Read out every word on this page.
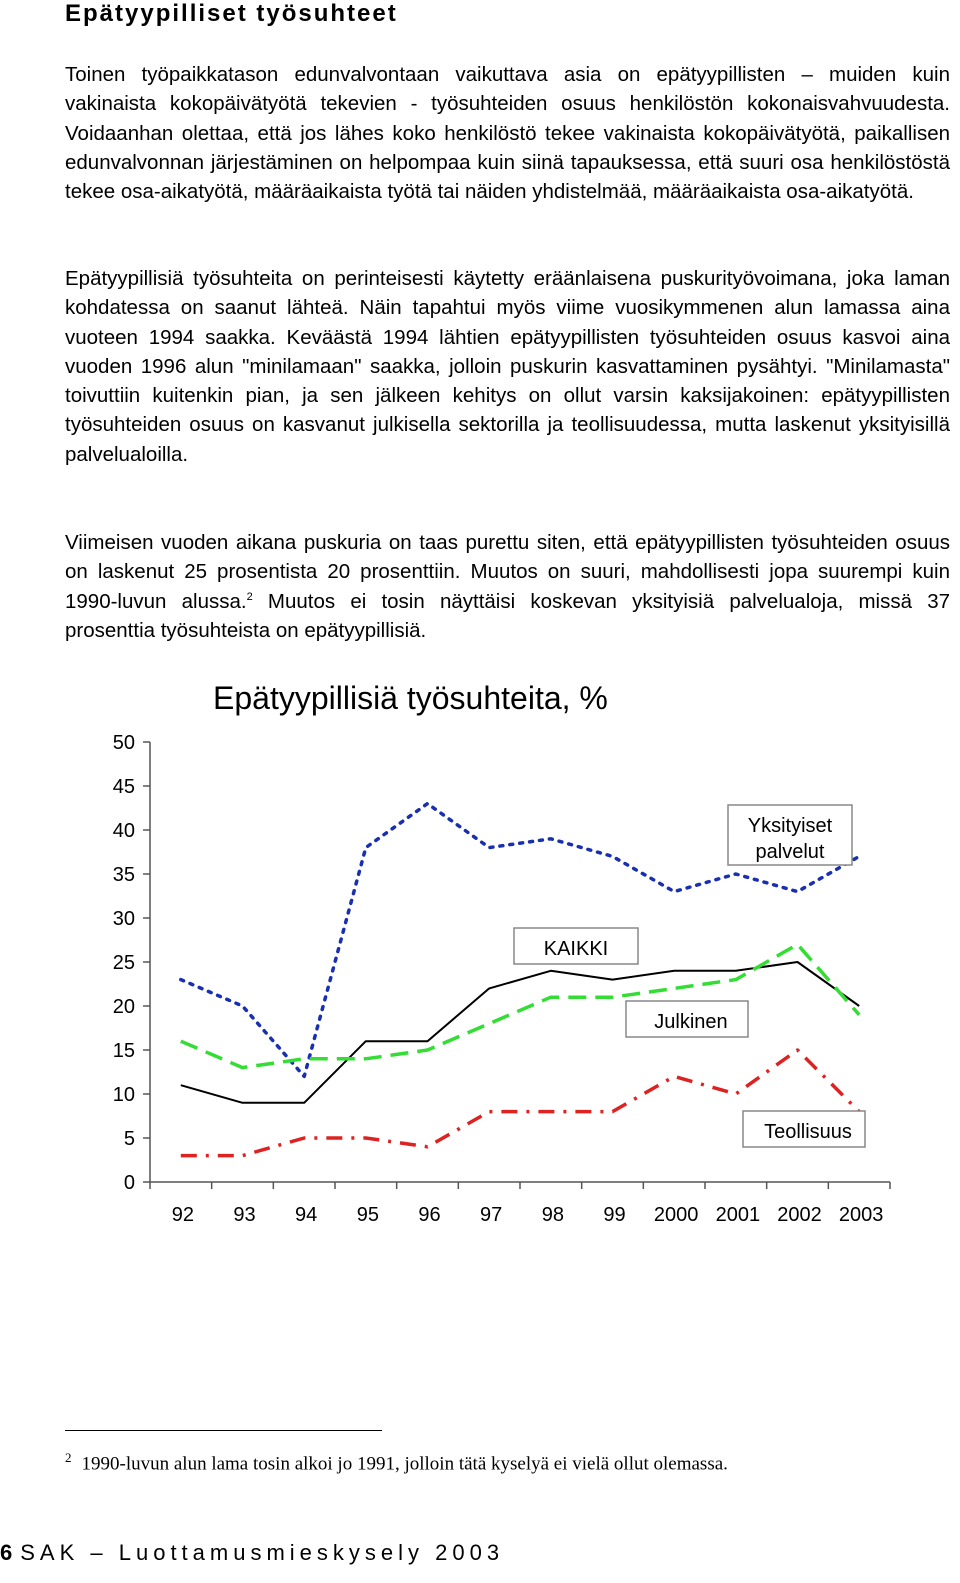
Epätyypilliset työsuhteet

Toinen työpaikkatason edunvalvontaan vaikuttava asia on epätyypillisten – muiden kuin vakinaista kokopäivätyötä tekevien - työsuhteiden osuus henkilöstön kokonaisvahvuudesta. Voidaanhan olettaa, että jos lähes koko henkilöstö tekee vakinaista kokopäivätyötä, paikallisen edunvalvonnan järjestäminen on helpompaa kuin siinä tapauksessa, että suuri osa henkilöstöstä tekee osa-aikatyötä, määräaikaista työtä tai näiden yhdistelmää, määräaikaista osa-aikatyötä.

Epätyypillisiä työsuhteita on perinteisesti käytetty eräänlaisena puskurityövoimana, joka laman kohdatessa on saanut lähteä. Näin tapahtui myös viime vuosikymmenen alun lamassa aina vuoteen 1994 saakka. Keväästä 1994 lähtien epätyypillisten työsuhteiden osuus kasvoi aina vuoden 1996 alun "minilamaan" saakka, jolloin puskurin kasvattaminen pysähtyi. "Minilamasta" toivuttiin kuitenkin pian, ja sen jälkeen kehitys on ollut varsin kaksijakoinen: epätyypillisten työsuhteiden osuus on kasvanut julkisella sektorilla ja teollisuudessa, mutta laskenut yksityisillä palvelualoilla.

Viimeisen vuoden aikana puskuria on taas purettu siten, että epätyypillisten työsuhteiden osuus on laskenut 25 prosentista 20 prosenttiin. Muutos on suuri, mahdollisesti jopa suurempi kuin 1990-luvun alussa.$^2$ Muutos ei tosin näyttäisi koskevan yksityisiä palvelualoja, missä 37 prosenttia työsuhteista on epätyypillisiä.

Epätyypillisiä työsuhteita, %
0
5
10
15
20
25
30
35
40
45
50
92 93 94 95 96 97 98 99 2000 2001 2002 2003
Yksityiset
palvelut
KAIKKI
Julkinen
Teollisuus

$^2$ 1990-luvun alun lama tosin alkoi jo 1991, jolloin tätä kyselyä ei vielä ollut olemassa.

6 SAK – Luottamusmieskysely 2003
